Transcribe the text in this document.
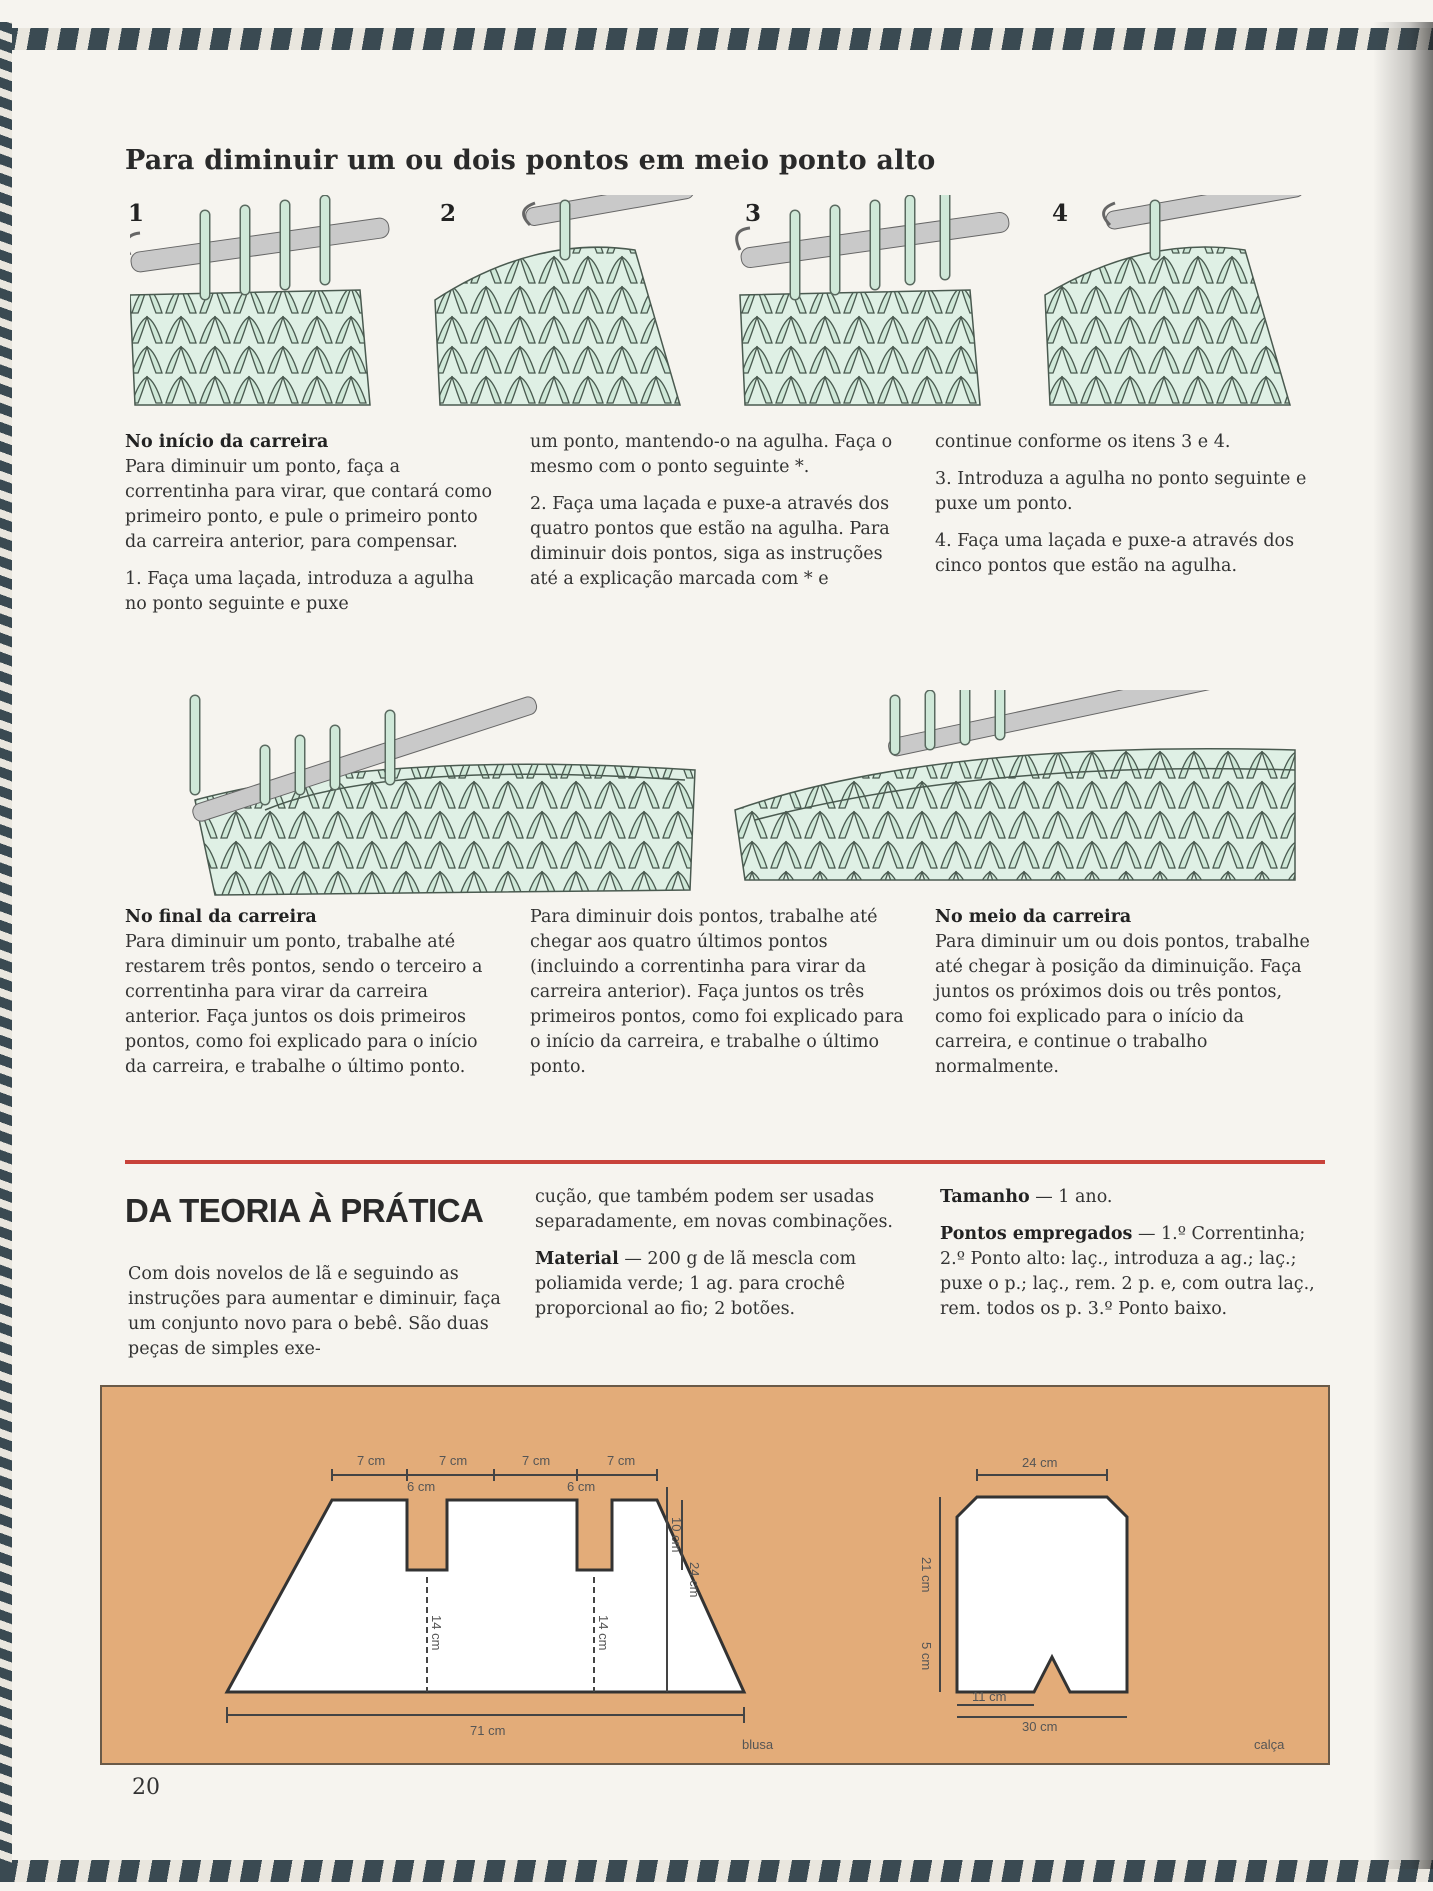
Para diminuir um ou dois pontos em meio ponto alto
1	2	3	4
No início da carreira

Para diminuir um ponto, faça a correntinha para virar, que contará como primeiro ponto, e pule o primeiro ponto da carreira anterior, para compensar.

1. Faça uma laçada, introduza a agulha no ponto seguinte e puxe

um ponto, mantendo-o na agulha. Faça o mesmo com o ponto seguinte *.

2. Faça uma laçada e puxe-a através dos quatro pontos que estão na agulha. Para diminuir dois pontos, siga as instruções até a explicação marcada com * e

continue conforme os itens 3 e 4.

3. Introduza a agulha no ponto seguinte e puxe um ponto.

4. Faça uma laçada e puxe-a através dos cinco pontos que estão na agulha.

No final da carreira

Para diminuir um ponto, trabalhe até restarem três pontos, sendo o terceiro a correntinha para virar da carreira anterior. Faça juntos os dois primeiros pontos, como foi explicado para o início da carreira, e trabalhe o último ponto.

Para diminuir dois pontos, trabalhe até chegar aos quatro últimos pontos (incluindo a correntinha para virar da carreira anterior). Faça juntos os três primeiros pontos, como foi explicado para o início da carreira, e trabalhe o último ponto.

No meio da carreira

Para diminuir um ou dois pontos, trabalhe até chegar à posição da diminuição. Faça juntos os próximos dois ou três pontos, como foi explicado para o início da carreira, e continue o trabalho normalmente.

DA TEORIA À PRÁTICA

Com dois novelos de lã e seguindo as instruções para aumentar e diminuir, faça um conjunto novo para o bebê. São duas peças de simples exe-

cução, que também podem ser usadas separadamente, em novas combinações.

Material — 200 g de lã mescla com poliamida verde; 1 ag. para crochê proporcional ao fio; 2 botões.

Tamanho — 1 ano.

Pontos empregados — 1.º Correntinha; 2.º Ponto alto: laç., introduza a ag.; laç.; puxe o p.; laç., rem. 2 p. e, com outra laç., rem. todos os p. 3.º Ponto baixo.

7 cm	7 cm	7 cm	7 cm
6 cm	6 cm
14 cm	14 cm
10 cm
24 cm
71 cm
blusa
24 cm
21 cm
5 cm
11 cm
30 cm
calça
20
